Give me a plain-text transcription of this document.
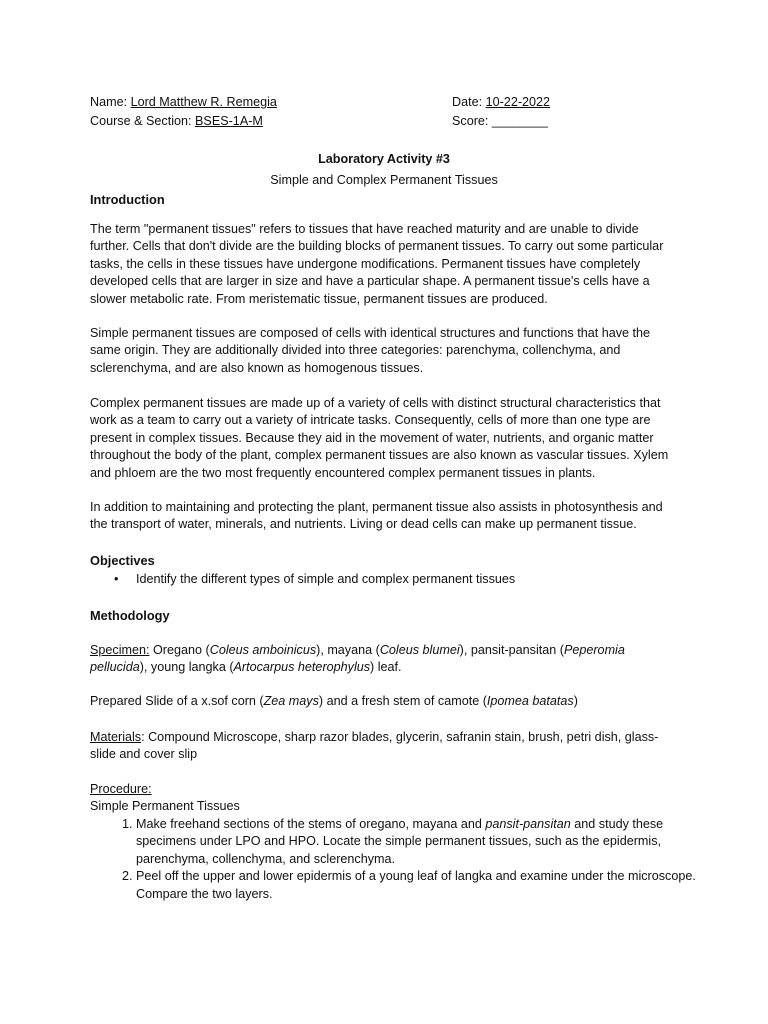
Name: Lord Matthew R. Remegia	Date: 10-22-2022
Course & Section: BSES-1A-M	Score: ________
Laboratory Activity #3
Simple and Complex Permanent Tissues
Introduction
The term "permanent tissues" refers to tissues that have reached maturity and are unable to divide further. Cells that don't divide are the building blocks of permanent tissues. To carry out some particular tasks, the cells in these tissues have undergone modifications. Permanent tissues have completely developed cells that are larger in size and have a particular shape. A permanent tissue's cells have a slower metabolic rate. From meristematic tissue, permanent tissues are produced.
Simple permanent tissues are composed of cells with identical structures and functions that have the same origin. They are additionally divided into three categories: parenchyma, collenchyma, and sclerenchyma, and are also known as homogenous tissues.
Complex permanent tissues are made up of a variety of cells with distinct structural characteristics that work as a team to carry out a variety of intricate tasks. Consequently, cells of more than one type are present in complex tissues. Because they aid in the movement of water, nutrients, and organic matter throughout the body of the plant, complex permanent tissues are also known as vascular tissues. Xylem and phloem are the two most frequently encountered complex permanent tissues in plants.
In addition to maintaining and protecting the plant, permanent tissue also assists in photosynthesis and the transport of water, minerals, and nutrients. Living or dead cells can make up permanent tissue.
Objectives
• Identify the different types of simple and complex permanent tissues
Methodology
Specimen: Oregano (Coleus amboinicus), mayana (Coleus blumei), pansit-pansitan (Peperomia pellucida), young langka (Artocarpus heterophylus) leaf.
Prepared Slide of a x.sof corn (Zea mays) and a fresh stem of camote (Ipomea batatas)
Materials: Compound Microscope, sharp razor blades, glycerin, safranin stain, brush, petri dish, glass-slide and cover slip
Procedure:
Simple Permanent Tissues
1. Make freehand sections of the stems of oregano, mayana and pansit-pansitan and study these specimens under LPO and HPO. Locate the simple permanent tissues, such as the epidermis, parenchyma, collenchyma, and sclerenchyma.
2. Peel off the upper and lower epidermis of a young leaf of langka and examine under the microscope. Compare the two layers.
